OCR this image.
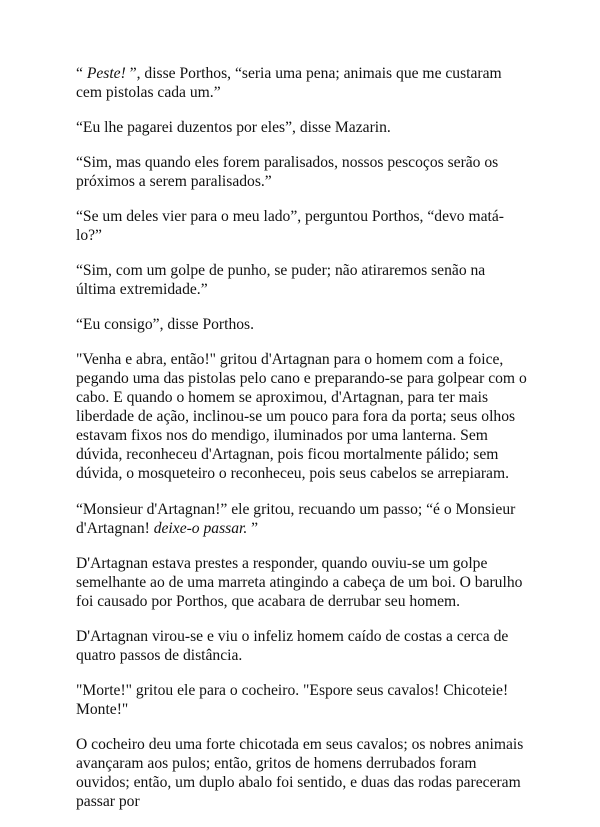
“ Peste! ”, disse Porthos, “seria uma pena; animais que me custaram cem pistolas cada um.”

“Eu lhe pagarei duzentos por eles”, disse Mazarin.

“Sim, mas quando eles forem paralisados, nossos pescoços serão os próximos a serem paralisados.”

“Se um deles vier para o meu lado”, perguntou Porthos, “devo matá-lo?”

“Sim, com um golpe de punho, se puder; não atiraremos senão na última extremidade.”

“Eu consigo”, disse Porthos.

"Venha e abra, então!" gritou d'Artagnan para o homem com a foice, pegando uma das pistolas pelo cano e preparando-se para golpear com o cabo. E quando o homem se aproximou, d'Artagnan, para ter mais liberdade de ação, inclinou-se um pouco para fora da porta; seus olhos estavam fixos nos do mendigo, iluminados por uma lanterna. Sem dúvida, reconheceu d'Artagnan, pois ficou mortalmente pálido; sem dúvida, o mosqueteiro o reconheceu, pois seus cabelos se arrepiaram.

“Monsieur d'Artagnan!” ele gritou, recuando um passo; “é o Monsieur d'Artagnan! deixe-o passar. ”

D'Artagnan estava prestes a responder, quando ouviu-se um golpe semelhante ao de uma marreta atingindo a cabeça de um boi. O barulho foi causado por Porthos, que acabara de derrubar seu homem.

D'Artagnan virou-se e viu o infeliz homem caído de costas a cerca de quatro passos de distância.

"Morte!" gritou ele para o cocheiro. "Espore seus cavalos! Chicoteie! Monte!"

O cocheiro deu uma forte chicotada em seus cavalos; os nobres animais avançaram aos pulos; então, gritos de homens derrubados foram ouvidos; então, um duplo abalo foi sentido, e duas das rodas pareceram passar por
